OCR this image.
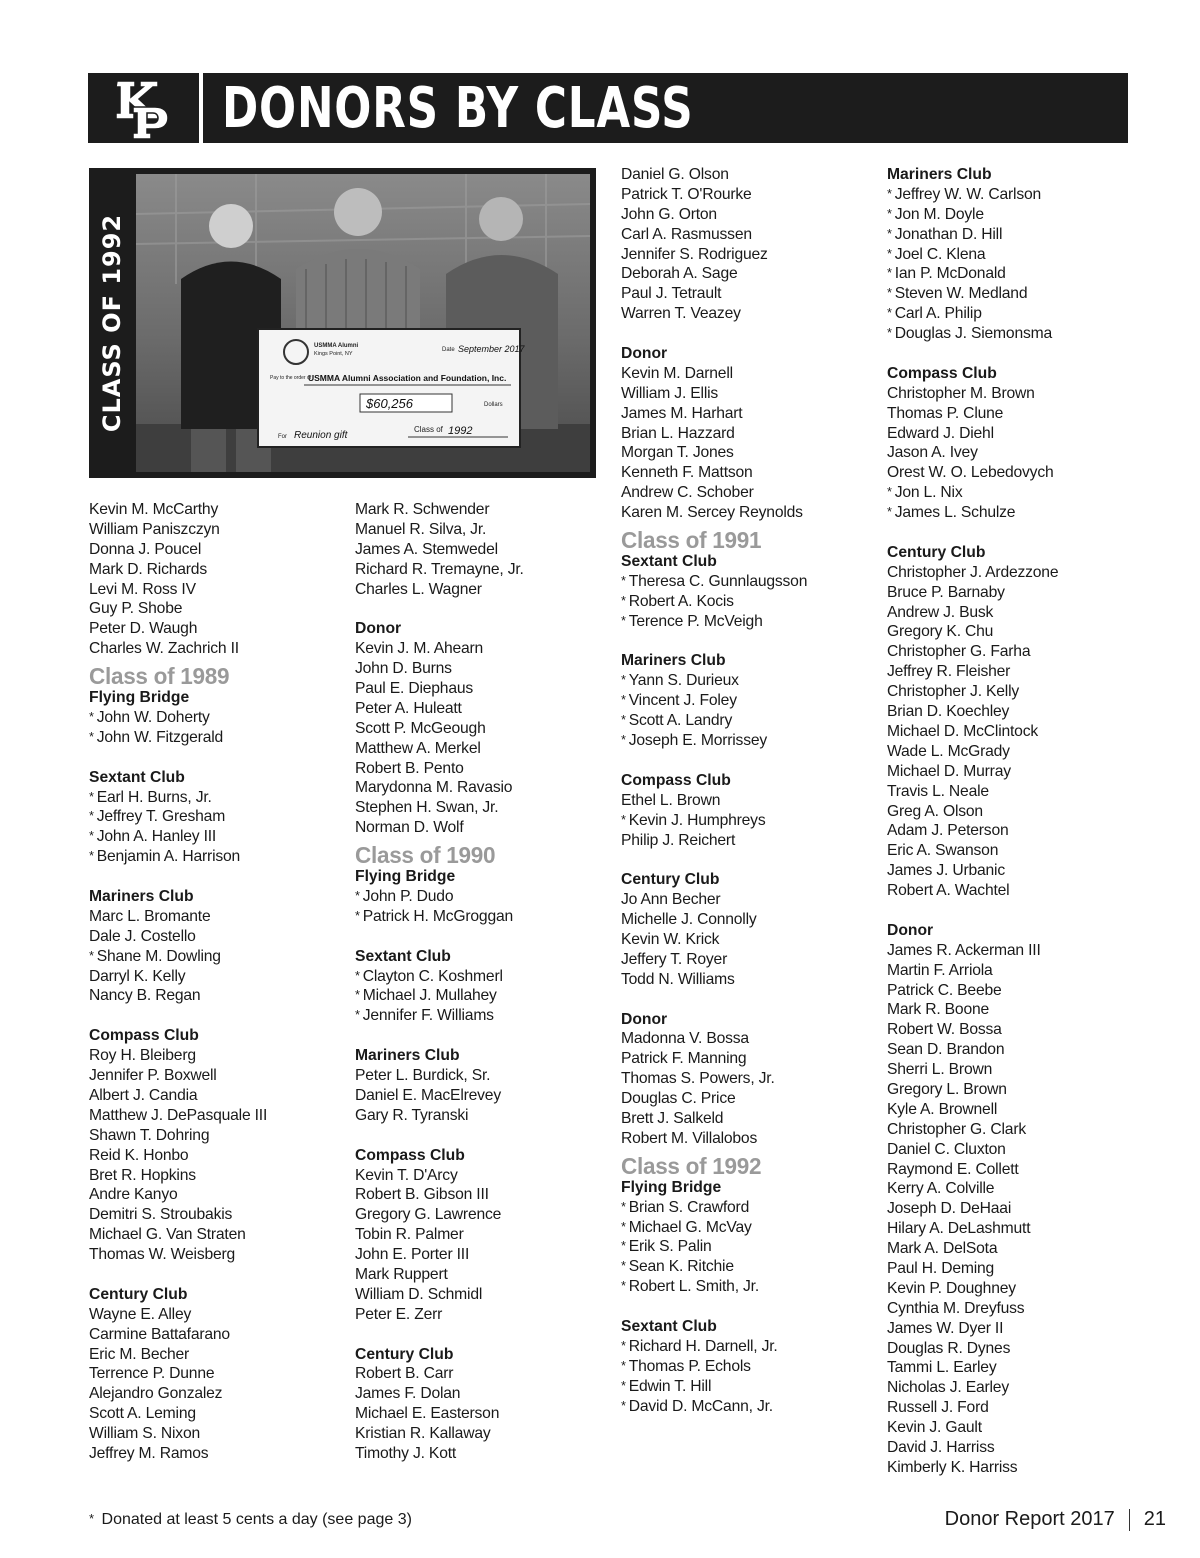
DONORS BY CLASS
CLASS OF 1992	USMMA Alumni
Kings Point, NY
Date September 2017
Pay to the order of
USMMA Alumni Association and Foundation, Inc.
$60,256	Dollars
For Reunion gift
Class of 1992
Kevin M. McCarthy
William Paniszczyn
Donna J. Poucel
Mark D. Richards
Levi M. Ross IV
Guy P. Shobe
Peter D. Waugh
Charles W. Zachrich II
Class of 1989
Flying Bridge
* John W. Doherty
* John W. Fitzgerald
Sextant Club
* Earl H. Burns, Jr.
* Jeffrey T. Gresham
* John A. Hanley III
* Benjamin A. Harrison
Mariners Club
Marc L. Bromante
Dale J. Costello
* Shane M. Dowling
Darryl K. Kelly
Nancy B. Regan
Compass Club
Roy H. Bleiberg
Jennifer P. Boxwell
Albert J. Candia
Matthew J. DePasquale III
Shawn T. Dohring
Reid K. Honbo
Bret R. Hopkins
Andre Kanyo
Demitri S. Stroubakis
Michael G. Van Straten
Thomas W. Weisberg
Century Club
Wayne E. Alley
Carmine Battafarano
Eric M. Becher
Terrence P. Dunne
Alejandro Gonzalez
Scott A. Leming
William S. Nixon
Jeffrey M. Ramos
Mark R. Schwender
Manuel R. Silva, Jr.
James A. Stemwedel
Richard R. Tremayne, Jr.
Charles L. Wagner
Donor
Kevin J. M. Ahearn
John D. Burns
Paul E. Diephaus
Peter A. Huleatt
Scott P. McGeough
Matthew A. Merkel
Robert B. Pento
Marydonna M. Ravasio
Stephen H. Swan, Jr.
Norman D. Wolf
Class of 1990
Flying Bridge
* John P. Dudo
* Patrick H. McGroggan
Sextant Club
* Clayton C. Koshmerl
* Michael J. Mullahey
* Jennifer F. Williams
Mariners Club
Peter L. Burdick, Sr.
Daniel E. MacElrevey
Gary R. Tyranski
Compass Club
Kevin T. D'Arcy
Robert B. Gibson III
Gregory G. Lawrence
Tobin R. Palmer
John E. Porter III
Mark Ruppert
William D. Schmidl
Peter E. Zerr
Century Club
Robert B. Carr
James F. Dolan
Michael E. Easterson
Kristian R. Kallaway
Timothy J. Kott
Daniel G. Olson
Patrick T. O'Rourke
John G. Orton
Carl A. Rasmussen
Jennifer S. Rodriguez
Deborah A. Sage
Paul J. Tetrault
Warren T. Veazey
Donor
Kevin M. Darnell
William J. Ellis
James M. Harhart
Brian L. Hazzard
Morgan T. Jones
Kenneth F. Mattson
Andrew C. Schober
Karen M. Sercey Reynolds
Class of 1991
Sextant Club
* Theresa C. Gunnlaugsson
* Robert A. Kocis
* Terence P. McVeigh
Mariners Club
* Yann S. Durieux
* Vincent J. Foley
* Scott A. Landry
* Joseph E. Morrissey
Compass Club
Ethel L. Brown
* Kevin J. Humphreys
Philip J. Reichert
Century Club
Jo Ann Becher
Michelle J. Connolly
Kevin W. Krick
Jeffery T. Royer
Todd N. Williams
Donor
Madonna V. Bossa
Patrick F. Manning
Thomas S. Powers, Jr.
Douglas C. Price
Brett J. Salkeld
Robert M. Villalobos
Class of 1992
Flying Bridge
* Brian S. Crawford
* Michael G. McVay
* Erik S. Palin
* Sean K. Ritchie
* Robert L. Smith, Jr.
Sextant Club
* Richard H. Darnell, Jr.
* Thomas P. Echols
* Edwin T. Hill
* David D. McCann, Jr.
Mariners Club
* Jeffrey W. W. Carlson
* Jon M. Doyle
* Jonathan D. Hill
* Joel C. Klena
* Ian P. McDonald
* Steven W. Medland
* Carl A. Philip
* Douglas J. Siemonsma
Compass Club
Christopher M. Brown
Thomas P. Clune
Edward J. Diehl
Jason A. Ivey
Orest W. O. Lebedovych
* Jon L. Nix
* James L. Schulze
Century Club
Christopher J. Ardezzone
Bruce P. Barnaby
Andrew J. Busk
Gregory K. Chu
Christopher G. Farha
Jeffrey R. Fleisher
Christopher J. Kelly
Brian D. Koechley
Michael D. McClintock
Wade L. McGrady
Michael D. Murray
Travis L. Neale
Greg A. Olson
Adam J. Peterson
Eric A. Swanson
James J. Urbanic
Robert A. Wachtel
Donor
James R. Ackerman III
Martin F. Arriola
Patrick C. Beebe
Mark R. Boone
Robert W. Bossa
Sean D. Brandon
Sherri L. Brown
Gregory L. Brown
Kyle A. Brownell
Christopher G. Clark
Daniel C. Cluxton
Raymond E. Collett
Kerry A. Colville
Joseph D. DeHaai
Hilary A. DeLashmutt
Mark A. DelSota
Paul H. Deming
Kevin P. Doughney
Cynthia M. Dreyfuss
James W. Dyer II
Douglas R. Dynes
Tammi L. Earley
Nicholas J. Earley
Russell J. Ford
Kevin J. Gault
David J. Harriss
Kimberly K. Harriss
* Donated at least 5 cents a day (see page 3)	Donor Report 2017 21
